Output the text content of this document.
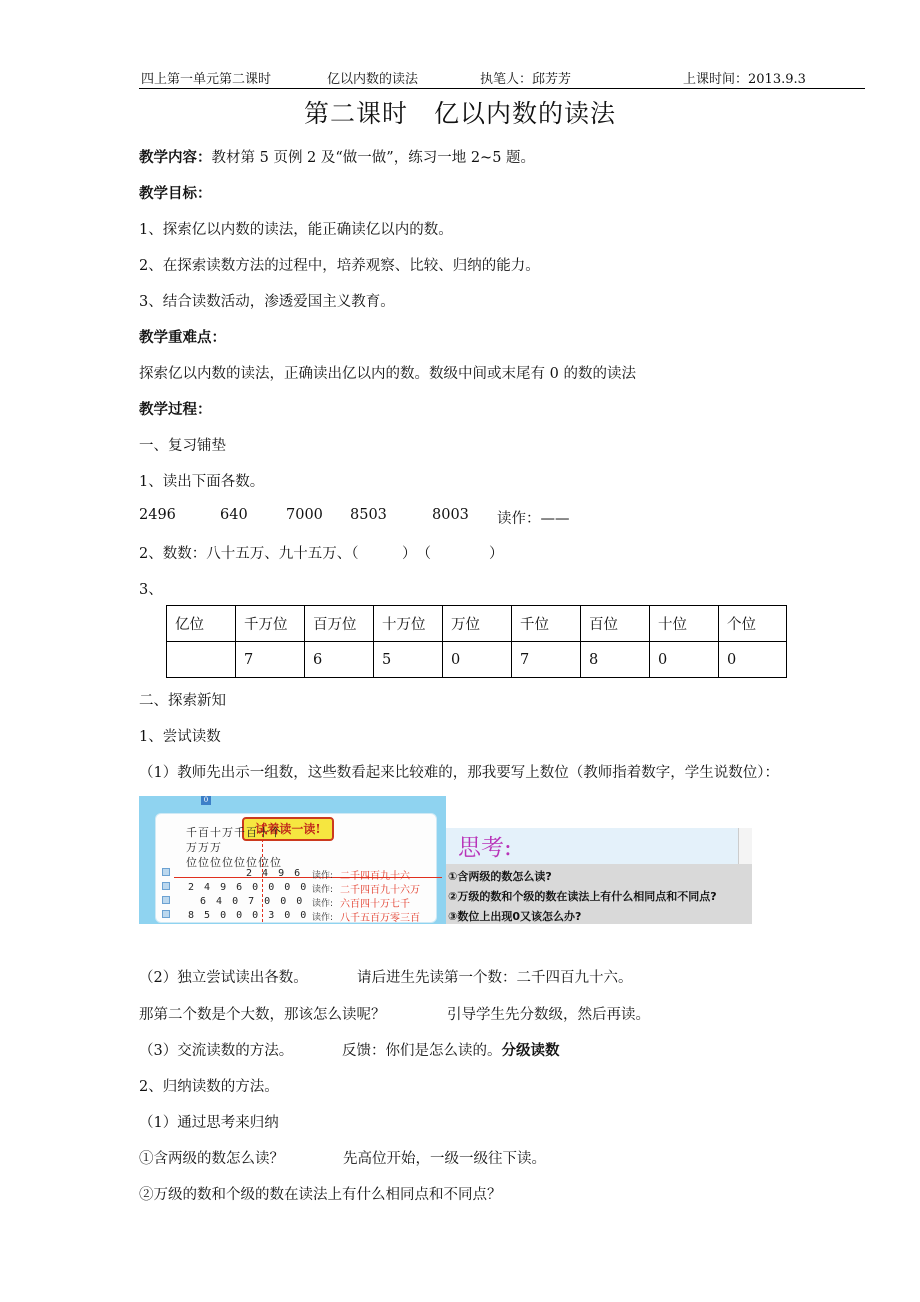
四上第一单元第二课时	亿以内数的读法	执笔人：邱芳芳	上课时间：2013.9.3
第二课时　亿以内数的读法
教学内容：教材第 5 页例 2 及“做一做”，练习一地 2~5 题。
教学目标：
1、探索亿以内数的读法，能正确读亿以内的数。
2、在探索读数方法的过程中，培养观察、比较、归纳的能力。
3、结合读数活动，渗透爱国主义教育。
教学重难点：
探索亿以内数的读法，正确读出亿以内的数。数级中间或末尾有 0 的数的读法
教学过程：
一、复习铺垫
1、读出下面各数。
2496	640	7000 8503	8003 读作：——
2、数数：八十五万、九十五万、（　　　）　（　　　　）
3、
亿位	千万位	百万位	十万位	万位	千位	百位	十位	个位
	7	6	5	0	7	8	0	0
二、探索新知
1、尝试读数
（1）教师先出示一组数，这些数看起来比较难的，那我要写上数位（教师指着数字，学生说数位）：
0
试着读一读!
千百十万千百十个
万万万
位位位位位位位位
2 4 9 6 读作: 二千四百九十六
2 4 9 6 0 0 0 0 读作: 二千四百九十六万
6 4 0 7 0 0 0 读作: 六百四十万七千
8 5 0 0 0 3 0 0 读作: 八千五百万零三百
思考:
①含两级的数怎么读?
②万级的数和个级的数在读法上有什么相同点和不同点?
③数位上出现0又该怎么办?
（2）独立尝试读出各数。	请后进生先读第一个数：二千四百九十六。
那第二个数是个大数，那该怎么读呢？	引导学生先分数级，然后再读。
（3）交流读数的方法。	反馈：你们是怎么读的。分级读数
2、归纳读数的方法。
（1）通过思考来归纳
①含两级的数怎么读？	先高位开始，一级一级往下读。
②万级的数和个级的数在读法上有什么相同点和不同点？
